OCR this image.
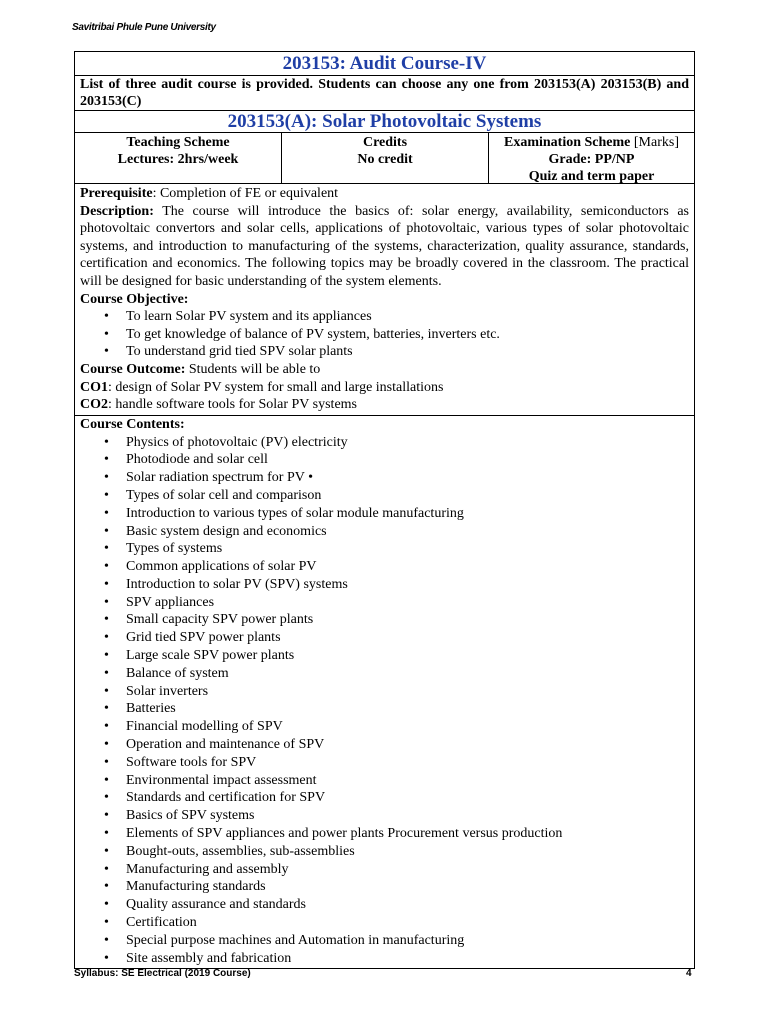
Savitribai Phule Pune University
203153: Audit Course-IV
List of three audit course is provided. Students can choose any one from 203153(A) 203153(B) and 203153(C)
203153(A): Solar Photovoltaic Systems
Teaching Scheme
Lectures: 2hrs/week
Credits
No credit
Examination Scheme [Marks]
Grade: PP/NP
Quiz and term paper

Prerequisite: Completion of FE or equivalent

Description: The course will introduce the basics of: solar energy, availability, semiconductors as photovoltaic convertors and solar cells, applications of photovoltaic, various types of solar photovoltaic systems, and introduction to manufacturing of the systems, characterization, quality assurance, standards, certification and economics. The following topics may be broadly covered in the classroom. The practical will be designed for basic understanding of the system elements.

Course Objective:

• To learn Solar PV system and its appliances
• To get knowledge of balance of PV system, batteries, inverters etc.
• To understand grid tied SPV solar plants

Course Outcome: Students will be able to

CO1: design of Solar PV system for small and large installations

CO2: handle software tools for Solar PV systems

Course Contents:

• Physics of photovoltaic (PV) electricity
• Photodiode and solar cell
• Solar radiation spectrum for PV •
• Types of solar cell and comparison
• Introduction to various types of solar module manufacturing
• Basic system design and economics
• Types of systems
• Common applications of solar PV
• Introduction to solar PV (SPV) systems
• SPV appliances
• Small capacity SPV power plants
• Grid tied SPV power plants
• Large scale SPV power plants
• Balance of system
• Solar inverters
• Batteries
• Financial modelling of SPV
• Operation and maintenance of SPV
• Software tools for SPV
• Environmental impact assessment
• Standards and certification for SPV
• Basics of SPV systems
• Elements of SPV appliances and power plants Procurement versus production
• Bought-outs, assemblies, sub-assemblies
• Manufacturing and assembly
• Manufacturing standards
• Quality assurance and standards
• Certification
• Special purpose machines and Automation in manufacturing
• Site assembly and fabrication
Syllabus: SE Electrical (2019 Course)	4
